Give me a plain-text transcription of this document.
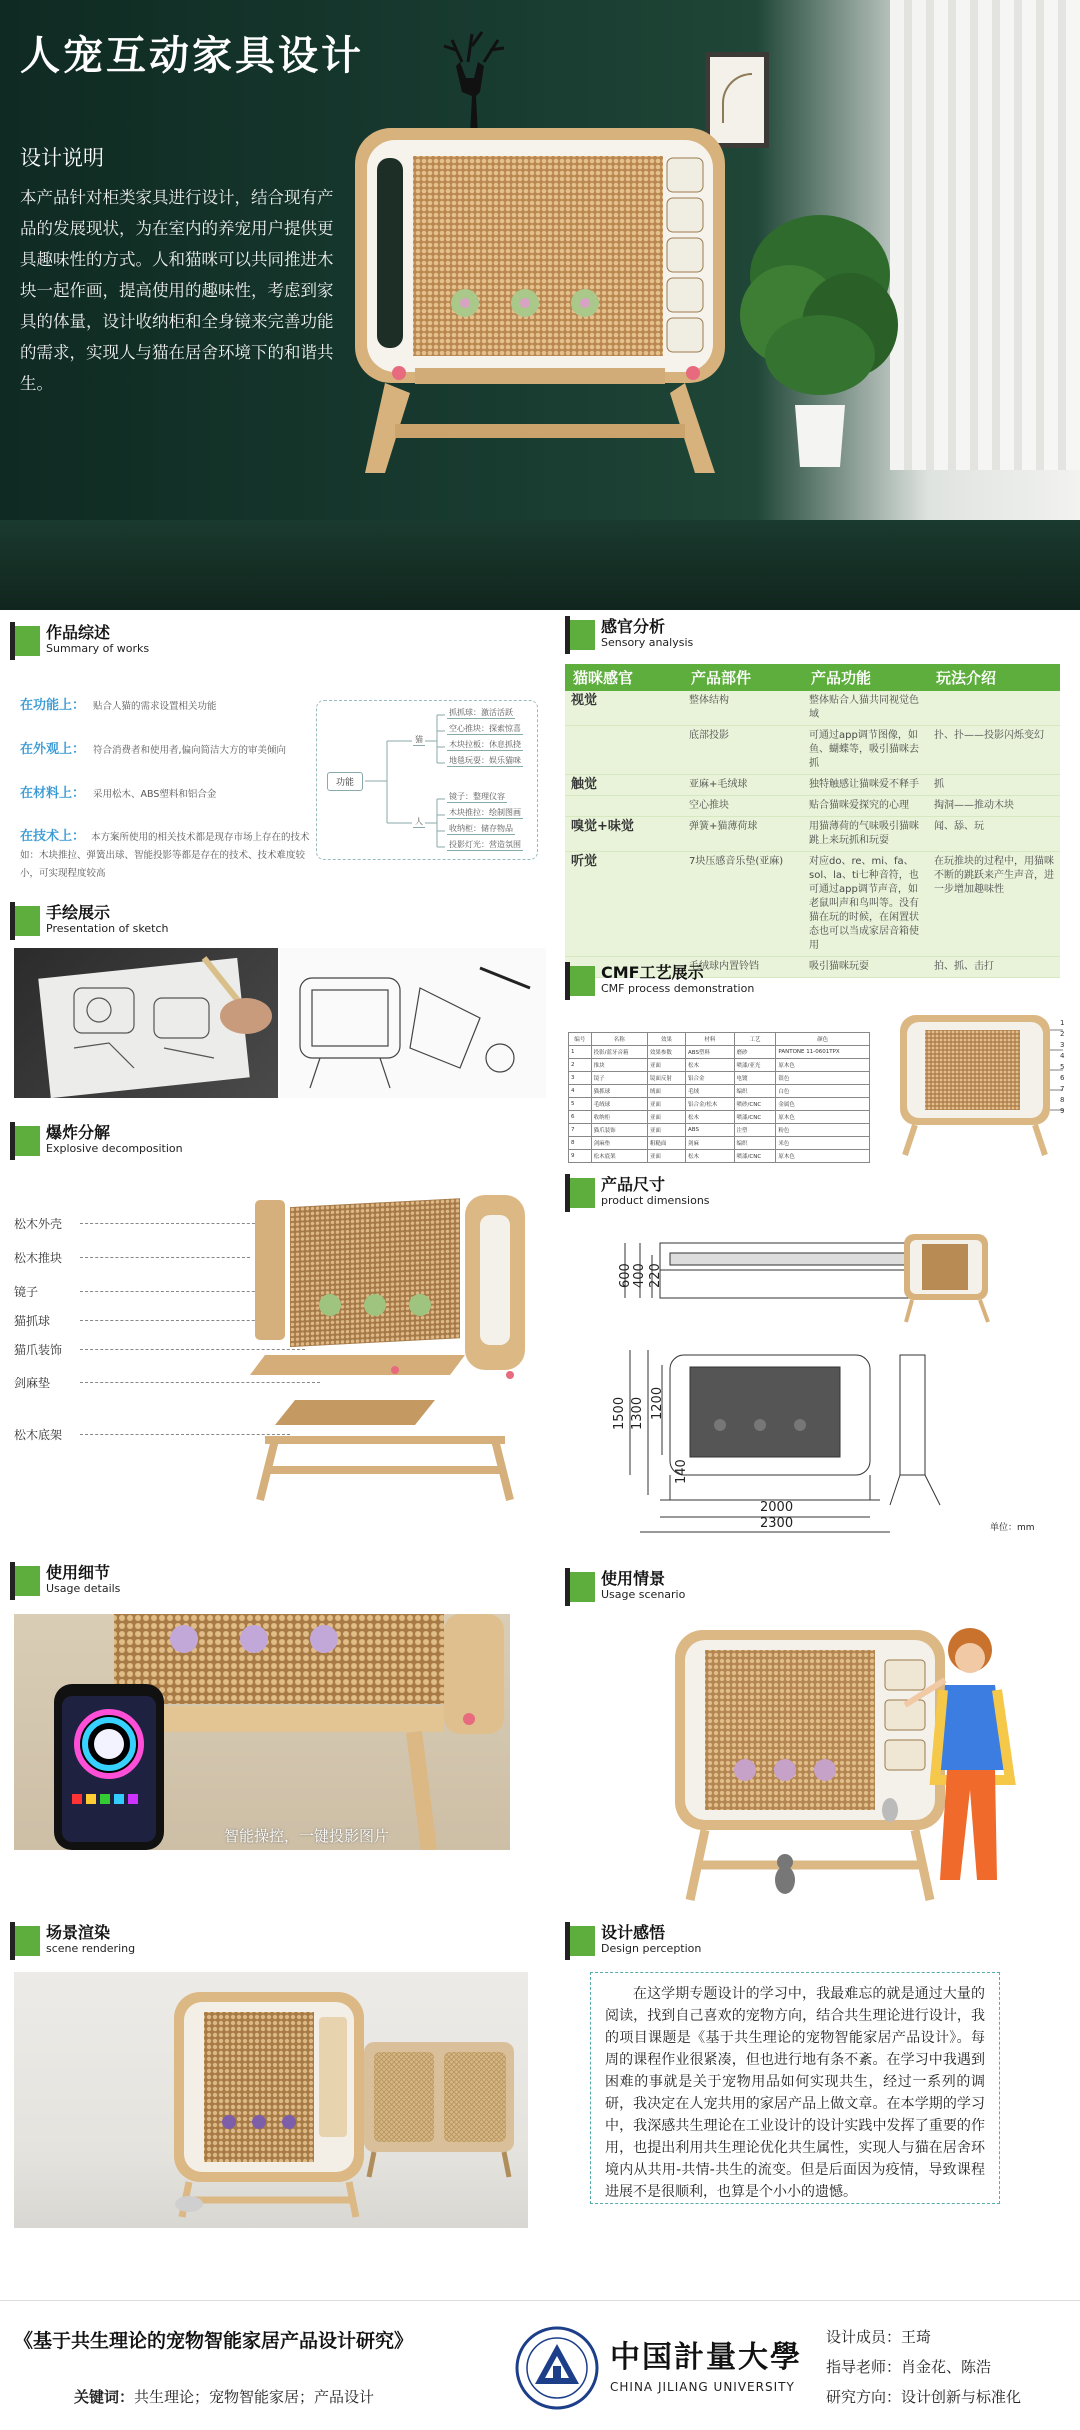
人宠互动家具设计
设计说明
本产品针对柜类家具进行设计，结合现有产品的发展现状，为在室内的养宠用户提供更具趣味性的方式。人和猫咪可以共同推进木块一起作画，提高使用的趣味性，考虑到家具的体量，设计收纳柜和全身镜来完善功能的需求，实现人与猫在居舍环境下的和谐共生。
作品综述
Summary of works
在功能上： 贴合人猫的需求设置相关功能
在外观上： 符合消费者和使用者,偏向简洁大方的审美倾向
在材料上： 采用松木、ABS塑料和铝合金
在技术上： 本方案所使用的相关技术都是现存市场上存在的技术如：木块推拉、弹簧出球、智能投影等都是存在的技术、技术难度较小，可实现程度较高
功能
猫
人
抓抓球：激活活跃
空心推块：探索惊喜
木块拉板：休息抓挠
地毯玩耍：娱乐猫咪
镜子：整理仪容
木块推拉：绘制图画
收纳柜：储存物品
投影灯光：营造氛围
感官分析
Sensory analysis
猫咪感官	产品部件	产品功能	玩法介绍
视觉	整体结构	整体贴合人猫共同视觉色域	
	底部投影	可通过app调节图像，如鱼、蝴蝶等，吸引猫咪去抓	扑、扑——投影闪烁变幻
触觉	亚麻+毛绒球	独特触感让猫咪爱不释手	抓
	空心推块	贴合猫咪爱探究的心理	掏洞——推动木块
嗅觉+味觉	弹簧+猫薄荷球	用猫薄荷的气味吸引猫咪跳上来玩抓和玩耍	闻、舔、玩
听觉	7块压感音乐垫(亚麻)	对应do、re、mi、fa、sol、la、ti七种音符，也可通过app调节声音，如老鼠叫声和鸟叫等。没有猫在玩的时候，在闲置状态也可以当成家居音箱使用	在玩推块的过程中，用猫咪不断的跳跃来产生声音，进一步增加趣味性
	毛绒球内置铃铛	吸引猫咪玩耍	拍、抓、击打
手绘展示
Presentation of sketch
CMF工艺展示
CMF process demonstration
编号	名称	效果	材料	工艺	颜色
1	投影/蓝牙音箱	效果参数	ABS塑料	磨砂	PANTONE 11-0601TPX
2	推块	亚面	松木	喷漆/亚光	原木色
3	镜子	镜面反射	铝合金	电镀	银色
4	猫抓球	绒面	毛绒	编织	白色
5	毛绒球	亚面	铝合金/松木	喷砂/CNC	金属色
6	收纳柜	亚面	松木	喷漆/CNC	原木色
7	猫爪装饰	亚面	ABS	注塑	粉色
8	剑麻垫	粗糙面	剑麻	编织	米色
9	松木底架	亚面	松木	喷漆/CNC	原木色
1
2
3
4
5
6
7
8
9
爆炸分解
Explosive decomposition
松木外壳
松木推块
镜子
猫抓球
猫爪装饰
剑麻垫
松木底架
产品尺寸
product dimensions
600 400 220
1500 1300 1200
140
2000
2300	单位：mm
使用细节
Usage details
智能操控，一键投影图片
使用情景
Usage scenario
场景渲染
scene rendering
设计感悟
Design perception
在这学期专题设计的学习中，我最难忘的就是通过大量的阅读，找到自己喜欢的宠物方向，结合共生理论进行设计，我的项目课题是《基于共生理论的宠物智能家居产品设计》。每周的课程作业很紧凑，但也进行地有条不紊。在学习中我遇到困难的事就是关于宠物用品如何实现共生，经过一系列的调研，我决定在人宠共用的家居产品上做文章。在本学期的学习中，我深感共生理论在工业设计的设计实践中发挥了重要的作用，也提出利用共生理论优化共生属性，实现人与猫在居舍环境内从共用-共情-共生的流变。但是后面因为疫情，导致课程进展不是很顺利，也算是个小小的遗憾。
《基于共生理论的宠物智能家居产品设计研究》
关键词：共生理论；宠物智能家居；产品设计
中国計量大學
CHINA JILIANG UNIVERSITY
设计成员：王琦
指导老师：肖金花、陈浩
研究方向：设计创新与标准化
